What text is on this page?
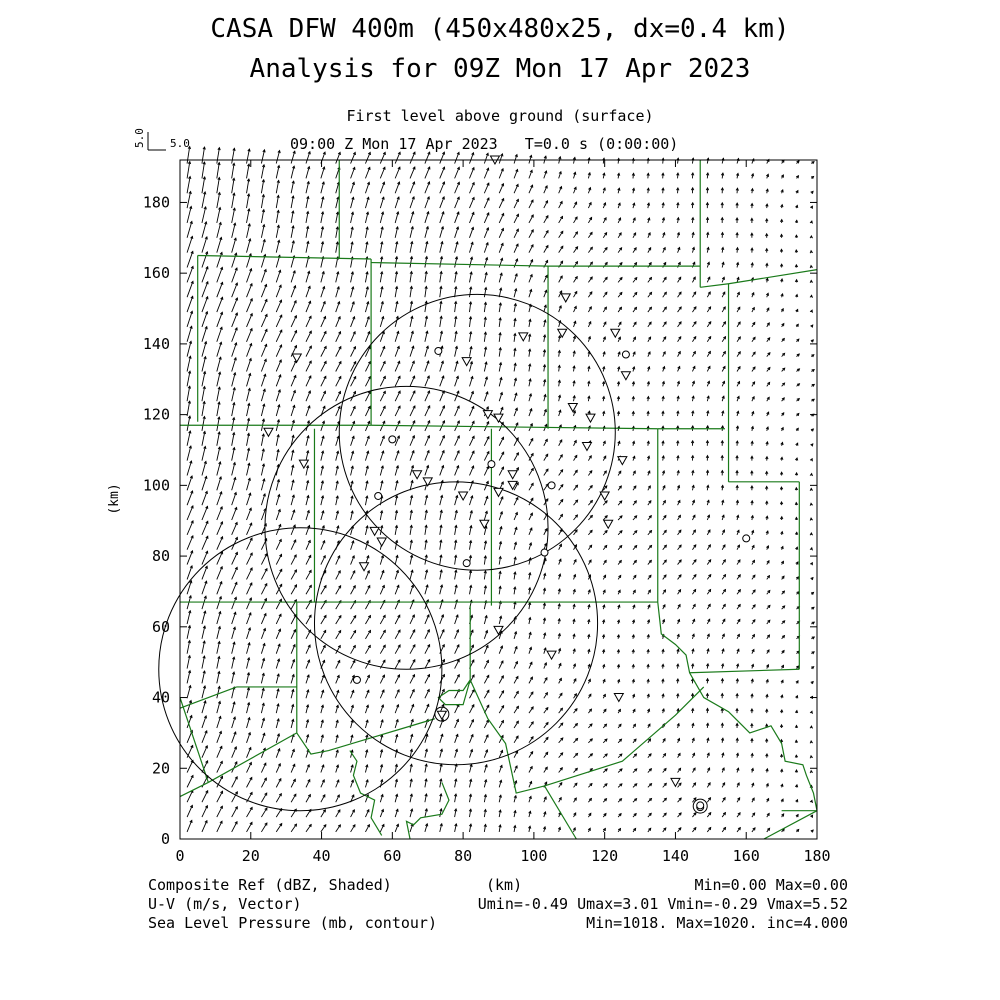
CASA DFW 400m (450x480x25, dx=0.4 km)
Analysis for 09Z Mon 17 Apr 2023
First level above ground (surface)
09:00 Z Mon 17 Apr 2023   T=0.0 s (0:00:00)
0	20	40	60	80	100	120	140	160	180
0
20
40
60
80
100
120
140
160
180
5.0 5.0
(km)
Composite Ref (dBZ, Shaded)	(km)	Min=0.00 Max=0.00
U-V (m/s, Vector)	Umin=-0.49 Umax=3.01 Vmin=-0.29 Vmax=5.52
Sea Level Pressure (mb, contour)	Min=1018. Max=1020. inc=4.000
